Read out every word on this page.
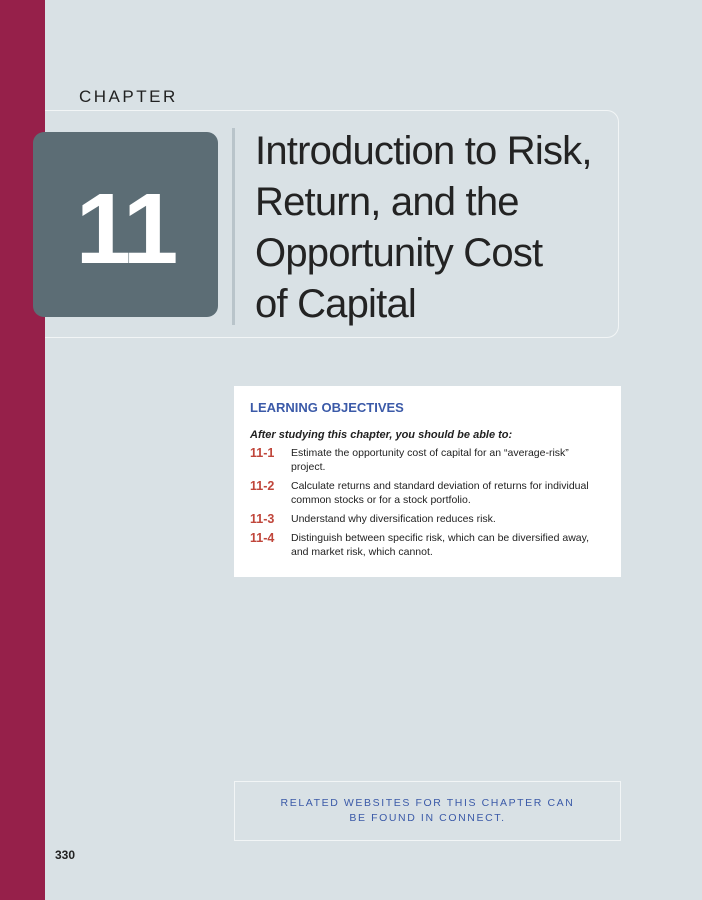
CHAPTER
11
Introduction to Risk,
Return, and the
Opportunity Cost
of Capital
LEARNING OBJECTIVES
After studying this chapter, you should be able to:
11-1	Estimate the opportunity cost of capital for an “average-risk” project.
11-2	Calculate returns and standard deviation of returns for individual common stocks or for a stock portfolio.
11-3	Understand why diversification reduces risk.
11-4	Distinguish between specific risk, which can be diversified away, and market risk, which cannot.
RELATED WEBSITES FOR THIS CHAPTER CAN BE FOUND IN CONNECT.
330
